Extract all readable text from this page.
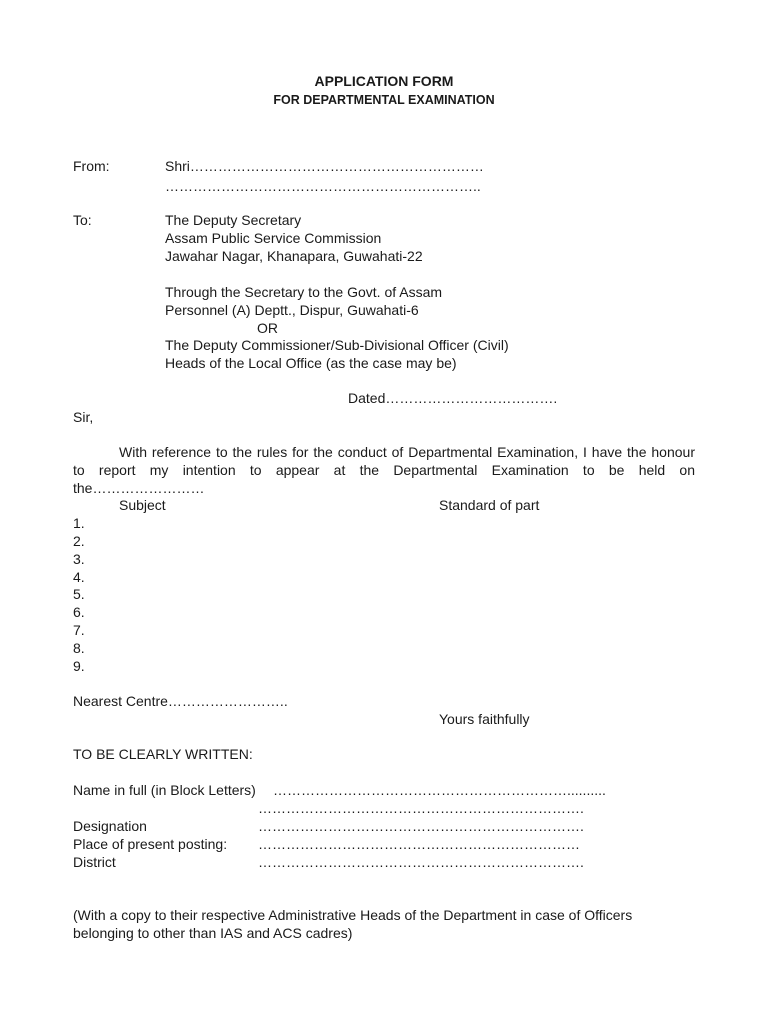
APPLICATION FORM
FOR DEPARTMENTAL EXAMINATION
From:	Shri………………………………………………………
…………………………………………………………..
To:	The Deputy Secretary
Assam Public Service Commission
Jawahar Nagar, Khanapara, Guwahati-22
Through the Secretary to the Govt. of Assam
Personnel (A) Deptt., Dispur, Guwahati-6
OR
The Deputy Commissioner/Sub-Divisional Officer (Civil)
Heads of the Local Office (as the case may be)
Dated……………………………….
Sir,
With reference to the rules for the conduct of Departmental Examination, I have the honour to report my intention to appear at the Departmental Examination to be held on the……………………
Subject	Standard of part
1.
2.
3.
4.
5.
6.
7.
8.
9.
Nearest Centre……………………..
Yours faithfully
TO BE CLEARLY WRITTEN:
Name in full (in Block Letters) ………………………………………………………..........
…………………………………………………………….
Designation	…………………………………………………………….
Place of present posting: ……………………………………………………………
District	…………………………………………………………….
(With a copy to their respective Administrative Heads of the Department in case of Officers
belonging to other than IAS and ACS cadres)
